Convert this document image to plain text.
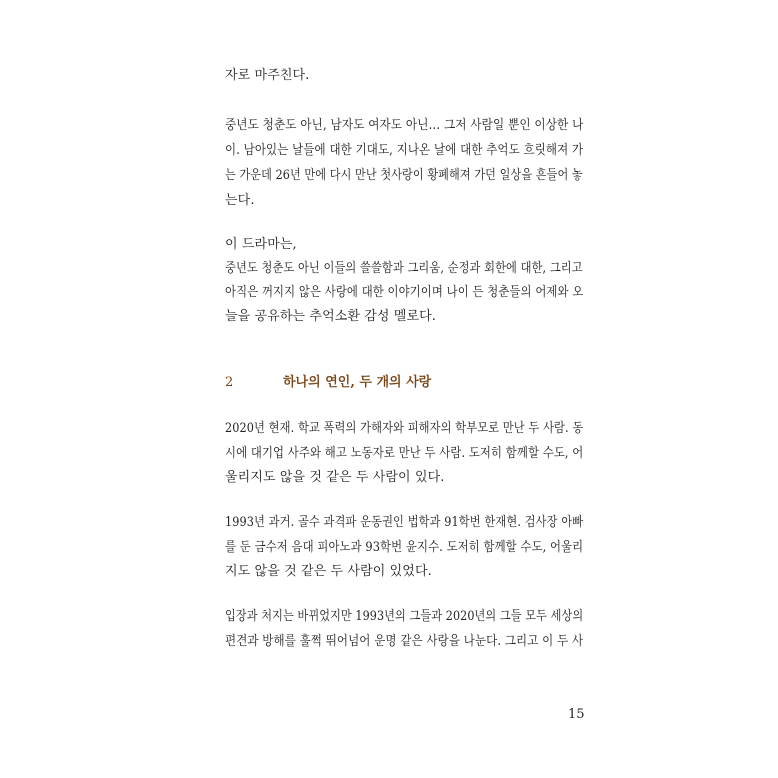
자로 마주친다.
중년도 청춘도 아닌, 남자도 여자도 아닌… 그저 사람일 뿐인 이상한 나
이. 남아있는 날들에 대한 기대도, 지나온 날에 대한 추억도 흐릿해져 가
는 가운데 26년 만에 다시 만난 첫사랑이 황폐해져 가던 일상을 흔들어 놓
는다.
이 드라마는,
중년도 청춘도 아닌 이들의 쓸쓸함과 그리움, 순정과 회한에 대한, 그리고
아직은 꺼지지 않은 사랑에 대한 이야기이며 나이 든 청춘들의 어제와 오
늘을 공유하는 추억소환 감성 멜로다.
2	하나의 연인, 두 개의 사랑
2020년 현재. 학교 폭력의 가해자와 피해자의 학부모로 만난 두 사람. 동
시에 대기업 사주와 해고 노동자로 만난 두 사람. 도저히 함께할 수도, 어
울리지도 않을 것 같은 두 사람이 있다.
1993년 과거. 골수 과격파 운동권인 법학과 91학번 한재현. 검사장 아빠
를 둔 금수저 음대 피아노과 93학번 윤지수. 도저히 함께할 수도, 어울리
지도 않을 것 같은 두 사람이 있었다.
입장과 처지는 바뀌었지만 1993년의 그들과 2020년의 그들 모두 세상의
편견과 방해를 훌쩍 뛰어넘어 운명 같은 사랑을 나눈다. 그리고 이 두 사
15
